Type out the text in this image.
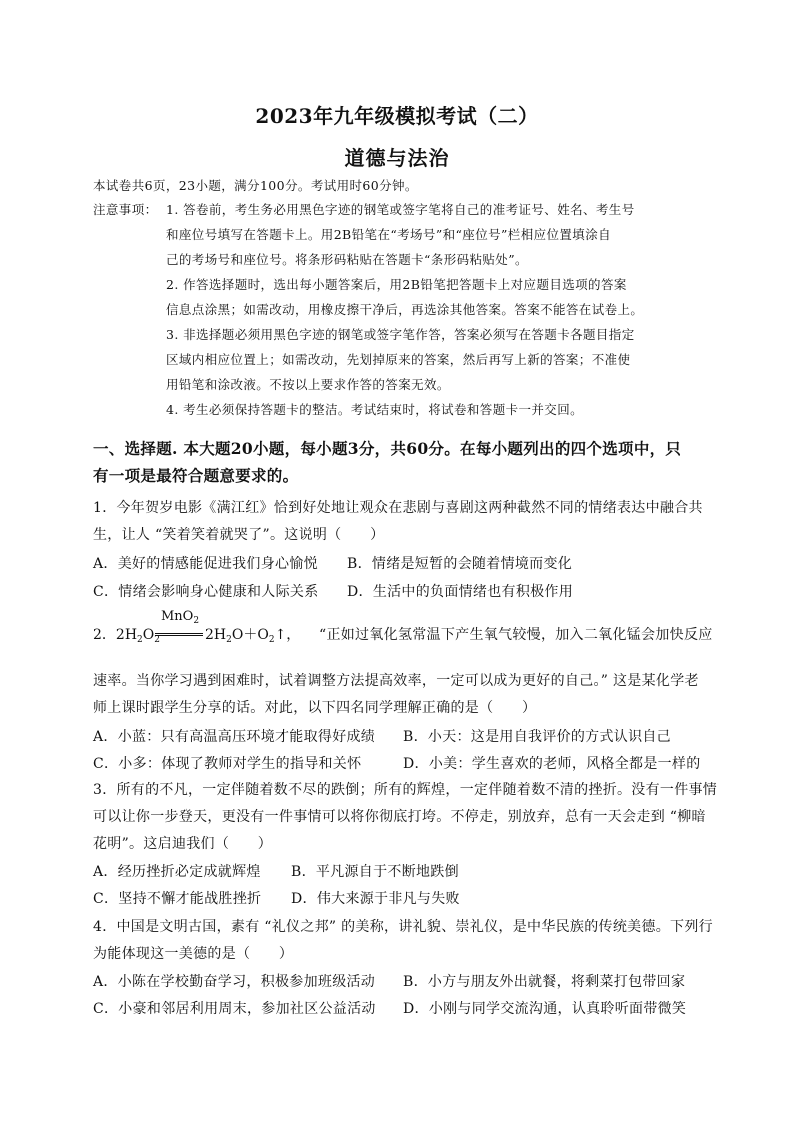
2023年九年级模拟考试（二）
道德与法治
本试卷共6页，23小题，满分100分。考试用时60分钟。
注意事项： 1. 答卷前，考生务必用黑色字迹的钢笔或签字笔将自己的准考证号、姓名、考生号
和座位号填写在答题卡上。用2B铅笔在“考场号”和“座位号”栏相应位置填涂自
己的考场号和座位号。将条形码粘贴在答题卡“条形码粘贴处”。
2. 作答选择题时，选出每小题答案后，用2B铅笔把答题卡上对应题目选项的答案
信息点涂黑；如需改动，用橡皮擦干净后，再选涂其他答案。答案不能答在试卷上。
3. 非选择题必须用黑色字迹的钢笔或签字笔作答，答案必须写在答题卡各题目指定
区域内相应位置上；如需改动，先划掉原来的答案，然后再写上新的答案；不准使
用铅笔和涂改液。不按以上要求作答的答案无效。
4. 考生必须保持答题卡的整洁。考试结束时，将试卷和答题卡一并交回。
一、选择题. 本大题20小题，每小题3分，共60分。在每小题列出的四个选项中，只
有一项是最符合题意要求的。
1．今年贺岁电影《满江红》恰到好处地让观众在悲剧与喜剧这两种截然不同的情绪表达中融合共
生，让人 “笑着笑着就哭了”。这说明（　　）
A．美好的情感能促进我们身心愉悦 B．情绪是短暂的会随着情境而变化
C．情绪会影响身心健康和人际关系 D．生活中的负面情绪也有积极作用
2．$2H_2O_2$
MnO$_2$
$2H_2O+O_2↑$， “正如过氧化氢常温下产生氧气较慢，加入二氧化锰会加快反应
速率。当你学习遇到困难时，试着调整方法提高效率，一定可以成为更好的自己。” 这是某化学老
师上课时跟学生分享的话。对此，以下四名同学理解正确的是（　　）
A．小蓝：只有高温高压环境才能取得好成绩 B．小天：这是用自我评价的方式认识自己
C．小多：体现了教师对学生的指导和关怀	D．小美：学生喜欢的老师，风格全都是一样的
3．所有的不凡，一定伴随着数不尽的跌倒；所有的辉煌，一定伴随着数不清的挫折。没有一件事情
可以让你一步登天，更没有一件事情可以将你彻底打垮。不停走，别放弃，总有一天会走到 “柳暗
花明”。这启迪我们（　　）
A．经历挫折必定成就辉煌 B．平凡源自于不断地跌倒
C．坚持不懈才能战胜挫折 D．伟大来源于非凡与失败
4．中国是文明古国，素有 “礼仪之邦” 的美称，讲礼貌、崇礼仪，是中华民族的传统美德。下列行
为能体现这一美德的是（　　）
A．小陈在学校勤奋学习，积极参加班级活动 B．小方与朋友外出就餐，将剩菜打包带回家
C．小豪和邻居利用周末，参加社区公益活动 D．小刚与同学交流沟通，认真聆听面带微笑
